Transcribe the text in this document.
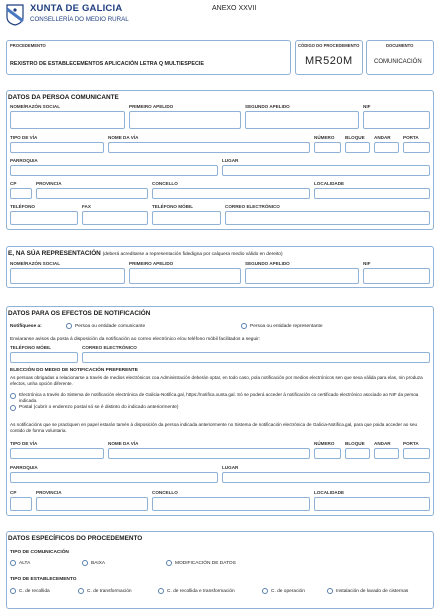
XUNTA DE GALICIA
CONSELLERÍA DO MEDIO RURAL
ANEXO XXVII
PROCEDEMENTO
REXISTRO DE ESTABLECEMENTOS APLICACIÓN LETRA Q MULTIESPECIE
CÓDIGO DO PROCEDEMENTO
MR520M
DOCUMENTO
COMUNICACIÓN
DATOS DA PERSOA COMUNICANTE
NOME/RAZÓN SOCIAL	PRIMEIRO APELIDO	SEGUNDO APELIDO	NIF
TIPO DE VÍA	NOME DA VÍA	NÚMERO BLOQUE ANDAR	PORTA
PARROQUIA	LUGAR
CP	PROVINCIA	CONCELLO	LOCALIDADE
TELÉFONO	FAX	TELÉFONO MÓBIL	CORREO ELECTRÓNICO
E, NA SÚA REPRESENTACIÓN (deberá acreditarse a representación fidedigna por calquera medio válido en dereito)
NOME/RAZÓN SOCIAL	PRIMEIRO APELIDO	SEGUNDO APELIDO	NIF
DATOS PARA OS EFECTOS DE NOTIFICACIÓN
Notifíquese a:	Persoa ou entidade comunicante	Persoa ou entidade representante
Enviaranse avisos da posta á disposición da notificación ao correo electrónico e/ou teléfono móbil facilitados a seguir:
TELÉFONO MÓBIL	CORREO ELECTRÓNICO
ELECCIÓN DO MEDIO DE NOTIFICACIÓN PREFERENTE
As persoas obrigadas a relacionarse a través de medios electrónicos coa Administración deberán optar, en todo caso, pola notificación por medios electrónicos sen que sexa válida para elas, nin produza efectos, unha opción diferente.
Electrónica a través do Sistema de notificación electrónica de Galicia-Notifica.gal, https://notifica.xunta.gal. Só se poderá acceder á notificación co certificado electrónico asociado ao NIF da persoa indicada.
Postal (cubrir o enderezo postal só se é distinto do indicado anteriormente)
As notificacións que se practiquen en papel estarán tamén á disposición da persoa indicada anteriormente no Sistema de notificación electrónica de Galicia-Notifica.gal, para que poida acceder ao seu contido de forma voluntaria.
TIPO DE VÍA	NOME DA VÍA	NÚMERO BLOQUE ANDAR	PORTA
PARROQUIA	LUGAR
CP	PROVINCIA	CONCELLO	LOCALIDADE
DATOS ESPECÍFICOS DO PROCEDEMENTO
TIPO DE COMUNICACIÓN
ALTA	BAIXA	MODIFICACIÓN DE DATOS
TIPO DE ESTABLECEMENTO
C. de recollida	C. de transformación	C. de recollida e transformación	C. de operación	Instalación de lavado de cisternas
